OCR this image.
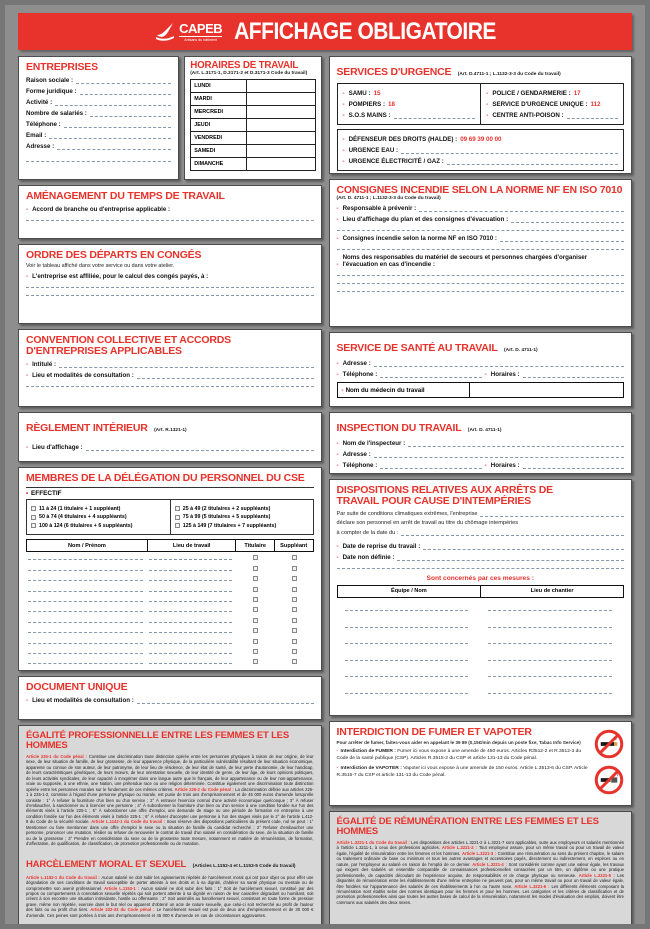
CAPEB
Artisans du bâtiment AFFICHAGE OBLIGATOIRE
ENTREPRISES
Raison sociale :
Forme juridique :
Activité :
Nombre de salariés :
Téléphone :
Email :
Adresse :
HORAIRES DE TRAVAIL
(Art. L.3171-1, D.3171-2 et D.3171-3 Code du travail)
LUNDI	
MARDI	
MERCREDI	
JEUDI	
VENDREDI	
SAMEDI	
DIMANCHE	
AMÉNAGEMENT DU TEMPS DE TRAVAIL
- Accord de branche ou d'entreprise applicable :
ORDRE DES DÉPARTS EN CONGÉS
Voir le tableau affiché dans votre service ou dans votre atelier.
- L'entreprise est affiliée, pour le calcul des congés payés, à :
CONVENTION COLLECTIVE ET ACCORDS D'ENTREPRISES APPLICABLES
- Intitulé :
- Lieu et modalités de consultation :
RÈGLEMENT INTÉRIEUR (Art. R.1321-1)
- Lieu d'affichage :
MEMBRES DE LA DÉLÉGATION DU PERSONNEL DU CSE
• EFFECTIF
11 à 24 (1 titulaire + 1 suppléant)
50 à 74 (4 titulaires + 4 suppléants)
100 à 124 (6 titulaires + 6 suppléants)
25 à 49 (2 titulaires + 2 suppléants)
75 à 99 (5 titulaires + 5 suppléants)
125 à 149 (7 titulaires + 7 suppléants)
Nom / Prénom	Lieu de travail	Titulaire	Suppléant
DOCUMENT UNIQUE
- Lieu et modalités de consultation :
ÉGALITÉ PROFESSIONNELLE ENTRE LES FEMMES ET LES HOMMES
Article 225-1 du Code pénal : Constitue une discrimination toute distinction opérée entre les personnes physiques à raison de leur origine, de leur sexe, de leur situation de famille, de leur grossesse, de leur apparence physique, de la particulière vulnérabilité résultant de leur situation économique, apparente ou connue de son auteur, de leur patronyme, de leur lieu de résidence, de leur état de santé, de leur perte d'autonomie, de leur handicap, de leurs caractéristiques génétiques, de leurs mœurs, de leur orientation sexuelle, de leur identité de genre, de leur âge, de leurs opinions politiques, de leurs activités syndicales, de leur capacité à s'exprimer dans une langue autre que le français, de leur appartenance ou de leur non-appartenance, vraie ou supposée, à une ethnie, une Nation, une prétendue race ou une religion déterminée. Constitue également une discrimination toute distinction opérée entre les personnes morales sur le fondement de ces mêmes critères. Article 225-2 du Code pénal : La discrimination définie aux articles 225-1 à 225-1-2, commise à l'égard d'une personne physique ou morale, est punie de trois ans d'emprisonnement et de 45 000 euros d'amende lorsqu'elle consiste : 1° À refuser la fourniture d'un bien ou d'un service ; 2° À entraver l'exercice normal d'une activité économique quelconque ; 3° À refuser d'embaucher, à sanctionner ou à licencier une personne ; 4° À subordonner la fourniture d'un bien ou d'un service à une condition fondée sur l'un des éléments visés à l'article 225-1 ; 5° À subordonner une offre d'emploi, une demande de stage ou une période de formation en entreprise à une condition fondée sur l'un des éléments visés à l'article 225-1 ; 6° À refuser d'accepter une personne à l'un des stages visés par le 2° de l'article L.412-8 du Code de la sécurité sociale. Article L.1142-1 du Code du travail : Sous réserve des dispositions particulières du présent code, nul ne peut : 1° Mentionner ou faire mentionner dans une offre d'emploi le sexe ou la situation de famille du candidat recherché ; 2° Refuser d'embaucher une personne, prononcer une mutation, résilier ou refuser de renouveler le contrat de travail d'un salarié en considération du sexe, de la situation de famille ou de la grossesse ; 3° Prendre en considération du sexe ou de la grossesse toute mesure, notamment en matière de rémunération, de formation, d'affectation, de qualification, de classification, de promotion professionnelle ou de mutation.
HARCÈLEMENT MORAL ET SEXUEL (Articles L.1152-4 et L.1153-5 Code du travail)
Article L.1152-1 du Code du travail : Aucun salarié ne doit subir les agissements répétés de harcèlement moral qui ont pour objet ou pour effet une dégradation de ses conditions de travail susceptible de porter atteinte à ses droits et à sa dignité, d'altérer sa santé physique ou mentale ou de compromettre son avenir professionnel. Article L.1153-1 : Aucun salarié ne doit subir des faits : 1° Soit de harcèlement sexuel, constitué par des propos ou comportements à connotation sexuelle répétés qui soit portent atteinte à sa dignité en raison de leur caractère dégradant ou humiliant, soit créent à son encontre une situation intimidante, hostile ou offensante ; 2° Soit assimilés au harcèlement sexuel, consistant en toute forme de pression grave, même non répétée, exercée dans le but réel ou apparent d'obtenir un acte de nature sexuelle, que celui-ci soit recherché au profit de l'auteur des faits ou au profit d'un tiers. Article 222-33 du Code pénal : Le harcèlement sexuel est puni de deux ans d'emprisonnement et de 30 000 € d'amende. Ces peines sont portées à trois ans d'emprisonnement et 45 000 € d'amende en cas de circonstances aggravantes.
SERVICES D'URGENCE (Art. D.4711-1 ; L.1132-3-3 du Code du travail)
- SAMU : 15
- POMPIERS : 18
- S.O.S MAINS :
- POLICE / GENDARMERIE : 17
- SERVICE D'URGENCE UNIQUE : 112
- CENTRE ANTI-POISON :
- DÉFENSEUR DES DROITS (HALDE) : 09 69 39 00 00
- URGENCE EAU :
- URGENCE ÉLECTRICITÉ / GAZ :
CONSIGNES INCENDIE SELON LA NORME NF EN ISO 7010
(Art. D. 4711-1 ; L.1132-3-3 du Code du travail)
- Responsable à prévenir :
- Lieu d'affichage du plan et des consignes d'évacuation :
- Consignes incendie selon la norme NF en ISO 7010 :
-
Noms des responsables du matériel de secours et personnes chargées d'organiser l'évacuation en cas d'incendie :
SERVICE DE SANTÉ AU TRAVAIL (Art. D. 4711-1)
- Adresse :
- Téléphone :	- Horaires :
- Nom du médecin du travail
INSPECTION DU TRAVAIL (Art. D. 4711-1)
- Nom de l'inspecteur :
- Adresse :
- Téléphone :	- Horaires :
DISPOSITIONS RELATIVES AUX ARRÊTS DE TRAVAIL POUR CAUSE D'INTEMPÉRIES
Par suite de conditions climatiques extrêmes, l'entreprise
déclare son personnel en arrêt de travail au titre du chômage intempéries
à compter de la date du :
- Date de reprise du travail :
- Date non définie :
Sont concernés par ces mesures :
Équipe / Nom	Lieu de chantier
INTERDICTION DE FUMER ET VAPOTER
Pour arrêter de fumer, faites-vous aider en appelant le 39 89 (0,15€/min depuis un poste fixe, Tabac Info Service)
- Interdiction de FUMER : Fumer ici vous expose à une amende de 450 euros. Articles R3512-2 et R.3512-3 du Code de la santé publique (CSP). Articles R.3515-2 du CSP et article 131-13 du Code pénal.
- Interdiction de VAPOTER : Vapoter ici vous expose à une amende de 150 euros. Article L.3513-6 du CSP. Article R.3515-7 du CSP et article 131-13 du Code pénal.
ÉGALITÉ DE RÉMUNÉRATION ENTRE LES FEMMES ET LES HOMMES
Article L.3221-1 du Code du travail : Les dispositions des articles L.3221-2 à L.3221-7 sont applicables, outre aux employeurs et salariés mentionnés à l'article L.3211-1, à ceux des professions agricoles. Article L.3221-2 : Tout employeur assure, pour un même travail ou pour un travail de valeur égale, l'égalité de rémunération entre les femmes et les hommes. Article L.3221-3 : Constitue une rémunération au sens du présent chapitre, le salaire ou traitement ordinaire de base ou minimum et tous les autres avantages et accessoires payés, directement ou indirectement, en espèces ou en nature, par l'employeur au salarié en raison de l'emploi de ce dernier. Article L.3221-4 : Sont considérés comme ayant une valeur égale, les travaux qui exigent des salariés un ensemble comparable de connaissances professionnelles consacrées par un titre, un diplôme ou une pratique professionnelle, de capacités découlant de l'expérience acquise, de responsabilités et de charge physique ou nerveuse. Article L.3221-5 : Les disparités de rémunération entre les établissements d'une même entreprise ne peuvent pas, pour un même travail ou pour un travail de valeur égale, être fondées sur l'appartenance des salariés de ces établissements à l'un ou l'autre sexe. Article L.3221-6 : Les différents éléments composant la rémunération sont établis selon des normes identiques pour les femmes et pour les hommes. Les catégories et les critères de classification et de promotion professionnelles ainsi que toutes les autres bases de calcul de la rémunération, notamment les modes d'évaluation des emplois, doivent être communs aux salariés des deux sexes.
